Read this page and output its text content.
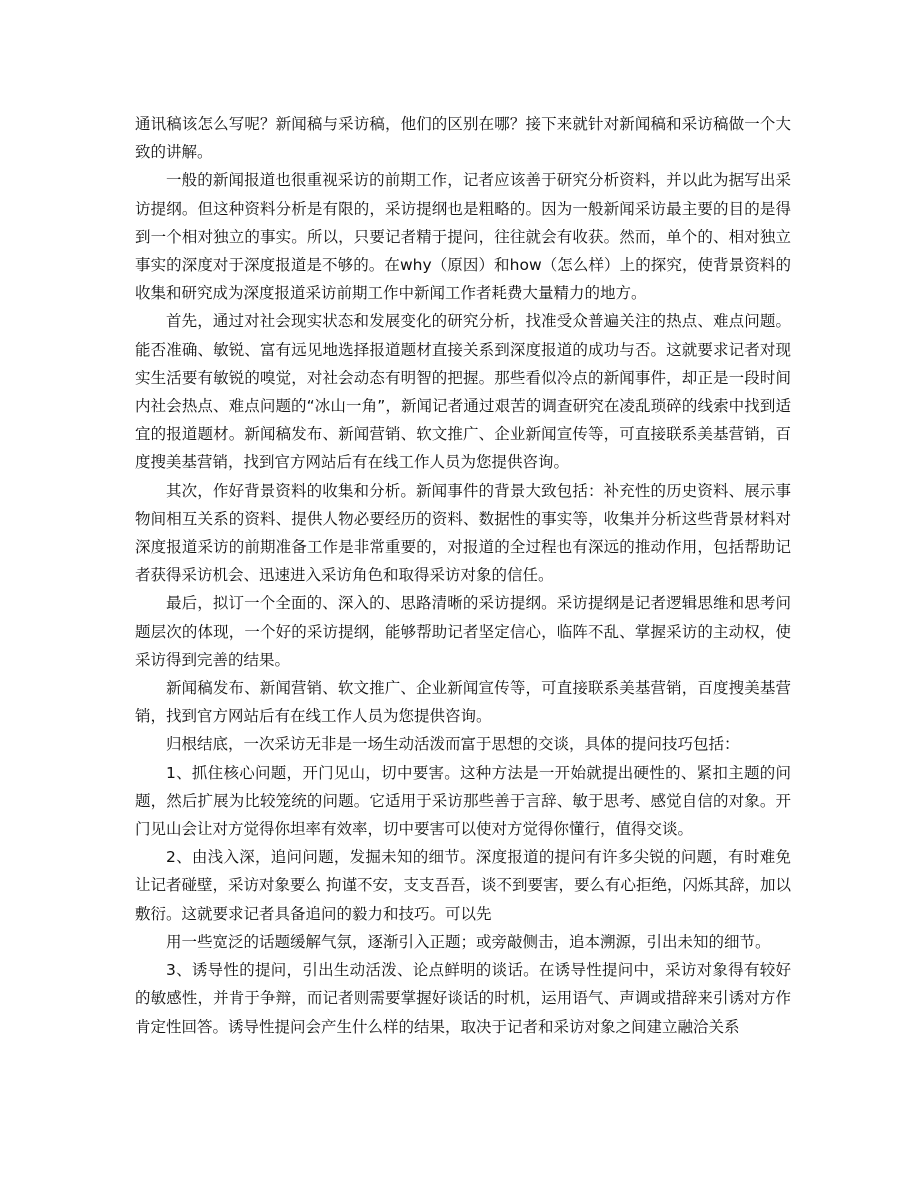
通讯稿该怎么写呢？新闻稿与采访稿，他们的区别在哪？接下来就针对新闻稿和采访稿做一个大致的讲解。

一般的新闻报道也很重视采访的前期工作，记者应该善于研究分析资料，并以此为据写出采访提纲。但这种资料分析是有限的，采访提纲也是粗略的。因为一般新闻采访最主要的目的是得到一个相对独立的事实。所以，只要记者精于提问，往往就会有收获。然而，单个的、相对独立事实的深度对于深度报道是不够的。在why（原因）和how（怎么样）上的探究，使背景资料的收集和研究成为深度报道采访前期工作中新闻工作者耗费大量精力的地方。

首先，通过对社会现实状态和发展变化的研究分析，找准受众普遍关注的热点、难点问题。能否准确、敏锐、富有远见地选择报道题材直接关系到深度报道的成功与否。这就要求记者对现实生活要有敏锐的嗅觉，对社会动态有明智的把握。那些看似冷点的新闻事件，却正是一段时间内社会热点、难点问题的“冰山一角”，新闻记者通过艰苦的调查研究在凌乱琐碎的线索中找到适宜的报道题材。新闻稿发布、新闻营销、软文推广、企业新闻宣传等，可直接联系美基营销，百度搜美基营销，找到官方网站后有在线工作人员为您提供咨询。

其次，作好背景资料的收集和分析。新闻事件的背景大致包括：补充性的历史资料、展示事物间相互关系的资料、提供人物必要经历的资料、数据性的事实等，收集并分析这些背景材料对深度报道采访的前期准备工作是非常重要的，对报道的全过程也有深远的推动作用，包括帮助记者获得采访机会、迅速进入采访角色和取得采访对象的信任。

最后，拟订一个全面的、深入的、思路清晰的采访提纲。采访提纲是记者逻辑思维和思考问题层次的体现，一个好的采访提纲，能够帮助记者坚定信心，临阵不乱、掌握采访的主动权，使采访得到完善的结果。

新闻稿发布、新闻营销、软文推广、企业新闻宣传等，可直接联系美基营销，百度搜美基营销，找到官方网站后有在线工作人员为您提供咨询。

归根结底，一次采访无非是一场生动活泼而富于思想的交谈，具体的提问技巧包括：

1、抓住核心问题，开门见山，切中要害。这种方法是一开始就提出硬性的、紧扣主题的问题，然后扩展为比较笼统的问题。它适用于采访那些善于言辞、敏于思考、感觉自信的对象。开门见山会让对方觉得你坦率有效率，切中要害可以使对方觉得你懂行，值得交谈。

2、由浅入深，追问问题，发掘未知的细节。深度报道的提问有许多尖锐的问题，有时难免让记者碰壁，采访对象要么 拘谨不安，支支吾吾，谈不到要害，要么有心拒绝，闪烁其辞，加以敷衍。这就要求记者具备追问的毅力和技巧。可以先

用一些宽泛的话题缓解气氛，逐渐引入正题；或旁敲侧击，追本溯源，引出未知的细节。

3、诱导性的提问，引出生动活泼、论点鲜明的谈话。在诱导性提问中，采访对象得有较好的敏感性，并肯于争辩，而记者则需要掌握好谈话的时机，运用语气、声调或措辞来引诱对方作肯定性回答。诱导性提问会产生什么样的结果，取决于记者和采访对象之间建立融洽关系
